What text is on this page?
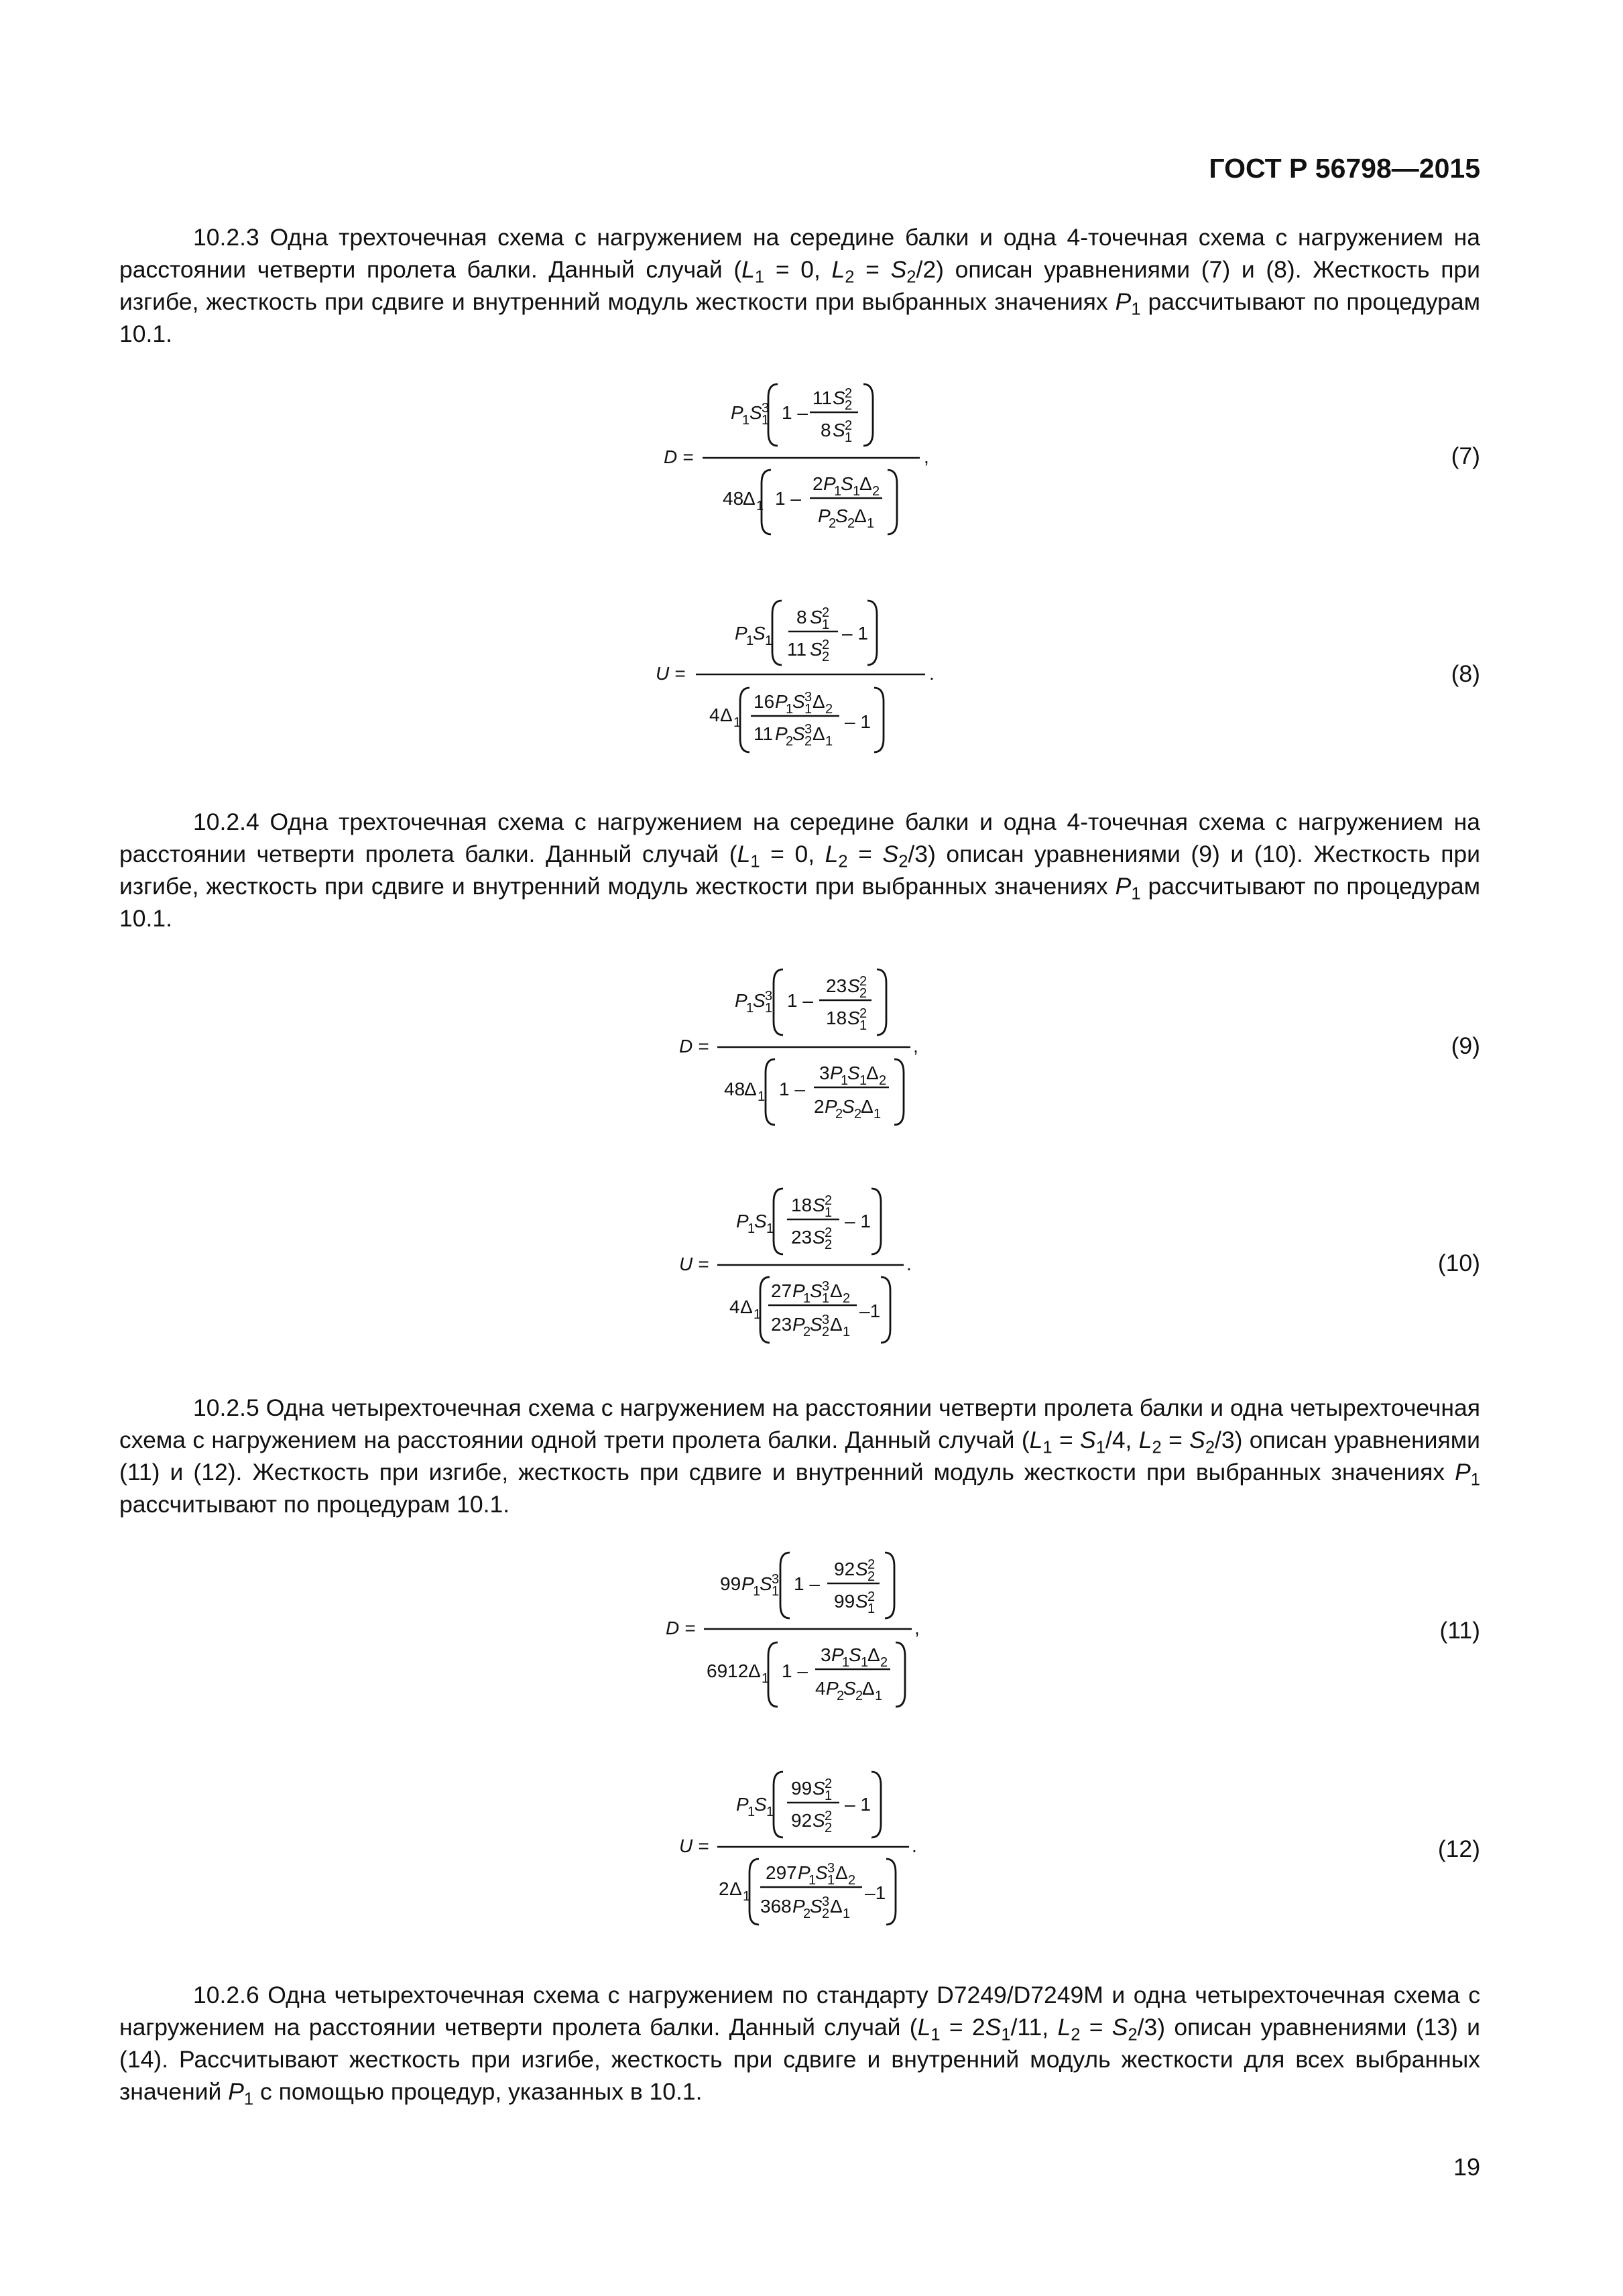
ГОСТ Р 56798—2015
10.2.3 Одна трехточечная схема с нагружением на середине балки и одна 4-точечная схема с нагружением на расстоянии четверти пролета балки. Данный случай ($L_1 = 0$, $L_2 = S_2/2$) описан уравнениями (7) и (8). Жесткость при изгибе, жесткость при сдвиге и внутренний модуль жесткости при выбранных значениях $P_1$ рассчитывают по процедурам 10.1.
D =
P
1 S 3
1 1 –
11 S 2
2
8 S 2
1
48
Δ 1 1 –
2 P
1
S 1
Δ 2
P
2
S 2
Δ 1
,	(7)
U =
P
1
S 1
8 S 2
1
11 S 2
2
– 1
4 Δ 1
16 P
1
S 3
1 Δ 2
11 P
2
S 3
2 Δ 1
– 1
.	(8)
10.2.4 Одна трехточечная схема с нагружением на середине балки и одна 4-точечная схема с нагружением на расстоянии четверти пролета балки. Данный случай ($L_1 = 0$, $L_2 = S_2/3$) описан уравнениями (9) и (10). Жесткость при изгибе, жесткость при сдвиге и внутренний модуль жесткости при выбранных значениях $P_1$ рассчитывают по процедурам 10.1.
D =
P
1
S 3
1 1 –
23 S 2
2
18 S 2
1
48
Δ 1 1 –
3 P
1
S 1
Δ 2
2 P
2
S 2
Δ 1
,	(9)
U =
P
1
S 1
18 S 2
1
23 S 2
2
– 1
4 Δ 1
27 P
1
S 3
1 Δ 2
23 P
2
S 3
2 Δ 1
–1
.	(10)
10.2.5 Одна четырехточечная схема с нагружением на расстоянии четверти пролета балки и одна четырехточечная схема с нагружением на расстоянии одной трети пролета балки. Данный случай ($L_1 = S_1/4$, $L_2 = S_2/3$) описан уравнениями (11) и (12). Жесткость при изгибе, жесткость при сдвиге и внутренний модуль жесткости при выбранных значениях $P_1$ рассчитывают по процедурам 10.1.
D =
99 P
1
S 3
1 1 –
92 S 2
2
99 S 2
1
6912 Δ 1 1 –
3 P
1
S 1
Δ 2
4 P
2
S 2
Δ 1
,	(11)
U =
P
1
S 1
99 S 2
1
92 S 2
2
– 1
2 Δ 1
297 P
1
S 3
1 Δ 2
368 P
2
S 3
2 Δ 1
–1
.	(12)
10.2.6 Одна четырехточечная схема с нагружением по стандарту D7249/D7249M и одна четырехточечная схема с нагружением на расстоянии четверти пролета балки. Данный случай ($L_1 = 2S_1/11$, $L_2 = S_2/3$) описан уравнениями (13) и (14). Рассчитывают жесткость при изгибе, жесткость при сдвиге и внутренний модуль жесткости для всех выбранных значений $P_1$ с помощью процедур, указанных в 10.1.
19
